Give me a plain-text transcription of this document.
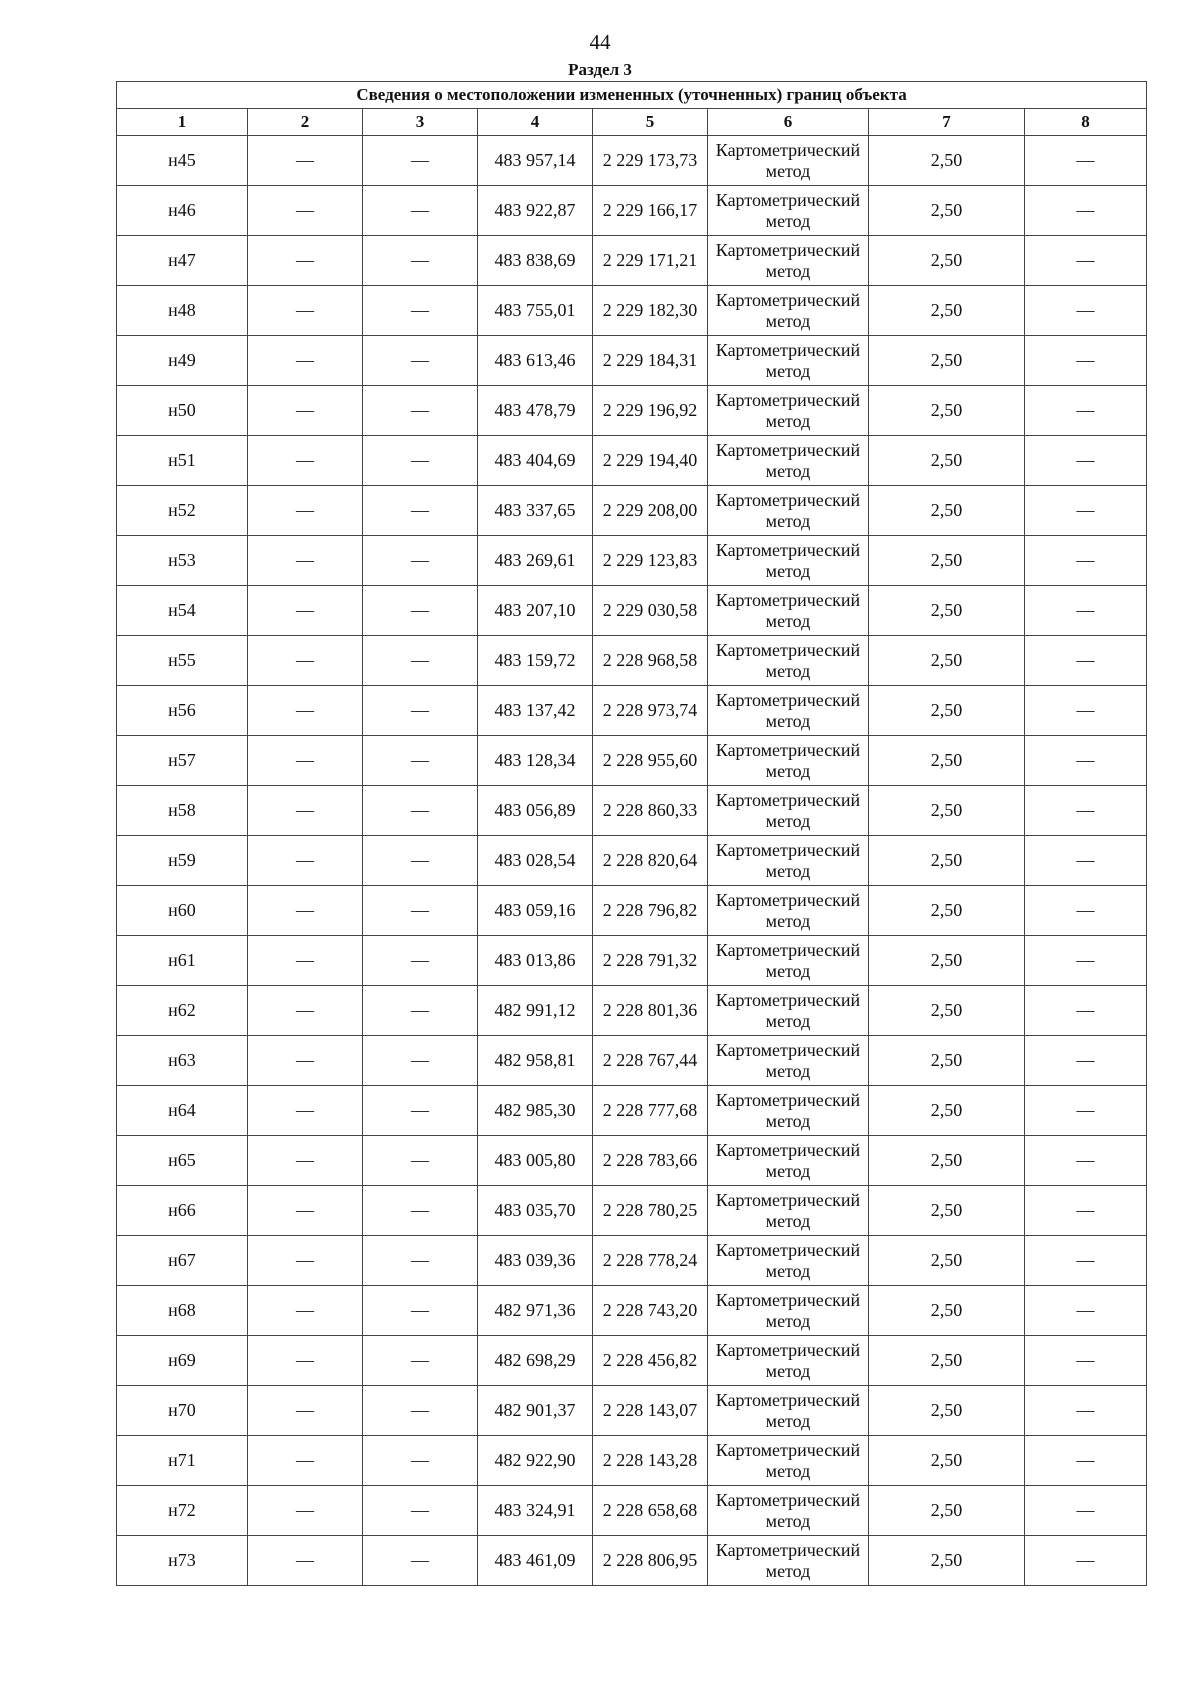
44
Раздел 3
Сведения о местоположении измененных (уточненных) границ объекта							
1	2	3	4	5	6	7	8
н45	—	—	483 957,14	2 229 173,73	Картометрический метод	2,50	—
н46	—	—	483 922,87	2 229 166,17	Картометрический метод	2,50	—
н47	—	—	483 838,69	2 229 171,21	Картометрический метод	2,50	—
н48	—	—	483 755,01	2 229 182,30	Картометрический метод	2,50	—
н49	—	—	483 613,46	2 229 184,31	Картометрический метод	2,50	—
н50	—	—	483 478,79	2 229 196,92	Картометрический метод	2,50	—
н51	—	—	483 404,69	2 229 194,40	Картометрический метод	2,50	—
н52	—	—	483 337,65	2 229 208,00	Картометрический метод	2,50	—
н53	—	—	483 269,61	2 229 123,83	Картометрический метод	2,50	—
н54	—	—	483 207,10	2 229 030,58	Картометрический метод	2,50	—
н55	—	—	483 159,72	2 228 968,58	Картометрический метод	2,50	—
н56	—	—	483 137,42	2 228 973,74	Картометрический метод	2,50	—
н57	—	—	483 128,34	2 228 955,60	Картометрический метод	2,50	—
н58	—	—	483 056,89	2 228 860,33	Картометрический метод	2,50	—
н59	—	—	483 028,54	2 228 820,64	Картометрический метод	2,50	—
н60	—	—	483 059,16	2 228 796,82	Картометрический метод	2,50	—
н61	—	—	483 013,86	2 228 791,32	Картометрический метод	2,50	—
н62	—	—	482 991,12	2 228 801,36	Картометрический метод	2,50	—
н63	—	—	482 958,81	2 228 767,44	Картометрический метод	2,50	—
н64	—	—	482 985,30	2 228 777,68	Картометрический метод	2,50	—
н65	—	—	483 005,80	2 228 783,66	Картометрический метод	2,50	—
н66	—	—	483 035,70	2 228 780,25	Картометрический метод	2,50	—
н67	—	—	483 039,36	2 228 778,24	Картометрический метод	2,50	—
н68	—	—	482 971,36	2 228 743,20	Картометрический метод	2,50	—
н69	—	—	482 698,29	2 228 456,82	Картометрический метод	2,50	—
н70	—	—	482 901,37	2 228 143,07	Картометрический метод	2,50	—
н71	—	—	482 922,90	2 228 143,28	Картометрический метод	2,50	—
н72	—	—	483 324,91	2 228 658,68	Картометрический метод	2,50	—
н73	—	—	483 461,09	2 228 806,95	Картометрический метод	2,50	—
